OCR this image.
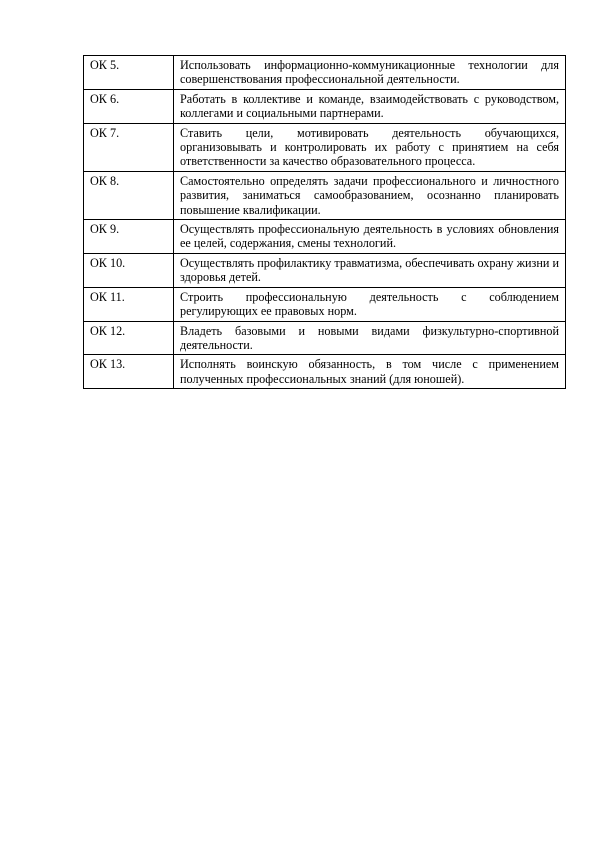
ОК 5.	Использовать информационно-коммуникационные технологии для совершенствования профессиональной деятельности.
ОК 6.	Работать в коллективе и команде, взаимодействовать с руководством, коллегами и социальными партнерами.
ОК 7.	Ставить цели, мотивировать деятельность обучающихся, организовывать и контролировать их работу с принятием на себя ответственности за качество образовательного процесса.
ОК 8.	Самостоятельно определять задачи профессионального и личностного развития, заниматься самообразованием, осознанно планировать повышение квалификации.
ОК 9.	Осуществлять профессиональную деятельность в условиях обновления ее целей, содержания, смены технологий.
ОК 10.	Осуществлять профилактику травматизма, обеспечивать охрану жизни и здоровья детей.
ОК 11.	Строить профессиональную деятельность с соблюдением регулирующих ее правовых норм.
ОК 12.	Владеть базовыми и новыми видами физкультурно-спортивной деятельности.
ОК 13.	Исполнять воинскую обязанность, в том числе с применением полученных профессиональных знаний (для юношей).
